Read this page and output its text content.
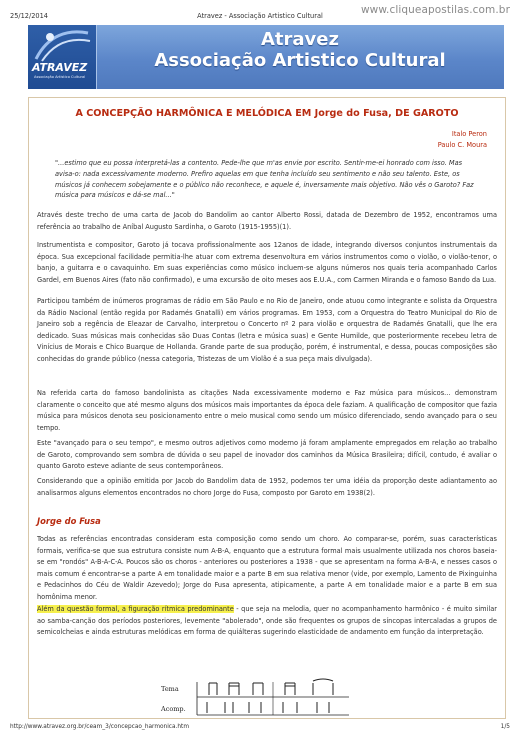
25/12/2014	Atravez - Associação Artistico Cultural	www.cliqueapostilas.com.br
ATRAVEZ
Associação Artistico Cultural
Atravez
Associação Artistico Cultural
A CONCEPÇÃO HARMÔNICA E MELÓDICA EM Jorge do Fusa, DE GAROTO
Italo Peron
Paulo C. Moura
"...estimo que eu possa interpretá-las a contento. Pede-lhe que m'as envie por escrito. Sentir-me-ei honrado com isso. Mas avisa-o: nada excessivamente moderno. Prefiro aquelas em que tenha incluído seu sentimento e não seu talento. Este, os músicos já conhecem sobejamente e o público não reconhece, e aquele é, inversamente mais objetivo. Não vês o Garoto? Faz música para músicos e dá-se mal..."
Através deste trecho de uma carta de Jacob do Bandolim ao cantor Alberto Rossi, datada de Dezembro de 1952, encontramos uma referência ao trabalho de Aníbal Augusto Sardinha, o Garoto (1915-1955)(1).
Instrumentista e compositor, Garoto já tocava profissionalmente aos 12anos de idade, integrando diversos conjuntos instrumentais da época. Sua excepcional facilidade permitia-lhe atuar com extrema desenvoltura em vários instrumentos como o violão, o violão-tenor, o banjo, a guitarra e o cavaquinho. Em suas experiências como músico incluem-se alguns números nos quais teria acompanhado Carlos Gardel, em Buenos Aires (fato não confirmado), e uma excursão de oito meses aos E.U.A., com Carmen Miranda e o famoso Bando da Lua.
Participou também de inúmeros programas de rádio em São Paulo e no Rio de Janeiro, onde atuou como integrante e solista da Orquestra da Rádio Nacional (então regida por Radamés Gnatalli) em vários programas. Em 1953, com a Orquestra do Teatro Municipal do Rio de Janeiro sob a regência de Eleazar de Carvalho, interpretou o Concerto nº 2 para violão e orquestra de Radamés Gnatalli, que lhe era dedicado. Suas músicas mais conhecidas são Duas Contas (letra e música suas) e Gente Humilde, que posteriormente recebeu letra de Vinícius de Morais e Chico Buarque de Hollanda. Grande parte de sua produção, porém, é instrumental, e dessa, poucas composições são conhecidas do grande público (nessa categoria, Tristezas de um Violão é a sua peça mais divulgada).
Na referida carta do famoso bandolinista as citações Nada excessivamente moderno e Faz música para músicos... demonstram claramente o conceito que até mesmo alguns dos músicos mais importantes da época dele faziam. A qualificação de compositor que fazia música para músicos denota seu posicionamento entre o meio musical como sendo um músico diferenciado, sendo avançado para o seu tempo.
Este "avançado para o seu tempo", e mesmo outros adjetivos como moderno já foram amplamente empregados em relação ao trabalho de Garoto, comprovando sem sombra de dúvida o seu papel de inovador dos caminhos da Música Brasileira; difícil, contudo, é avaliar o quanto Garoto esteve adiante de seus contemporâneos.
Considerando que a opinião emitida por Jacob do Bandolim data de 1952, podemos ter uma idéia da proporção deste adiantamento ao analisarmos alguns elementos encontrados no choro Jorge do Fusa, composto por Garoto em 1938(2).
Jorge do Fusa
Todas as referências encontradas consideram esta composição como sendo um choro. Ao comparar-se, porém, suas características formais, verifica-se que sua estrutura consiste num A-B-A, enquanto que a estrutura formal mais usualmente utilizada nos choros baseia-se em "rondós" A-B-A-C-A. Poucos são os choros - anteriores ou posteriores a 1938 - que se apresentam na forma A-B-A, e nesses casos o mais comum é encontrar-se a parte A em tonalidade maior e a parte B em sua relativa menor (vide, por exemplo, Lamento de Pixinguinha e Pedacinhos do Céu de Waldir Azevedo); Jorge do Fusa apresenta, atipicamente, a parte A em tonalidade maior e a parte B em sua homônima menor.
Além da questão formal, a figuração rítmica predominante - que seja na melodia, quer no acompanhamento harmônico - é muito similar ao samba-canção dos períodos posteriores, levemente "abolerado", onde são frequentes os grupos de síncopas intercaladas a grupos de semicolcheias e ainda estruturas melódicas em forma de quiálteras sugerindo elasticidade de andamento em função da interpretação.
Tema
Acomp.
http://www.atravez.org.br/ceam_3/concepcao_harmonica.htm	1/5
